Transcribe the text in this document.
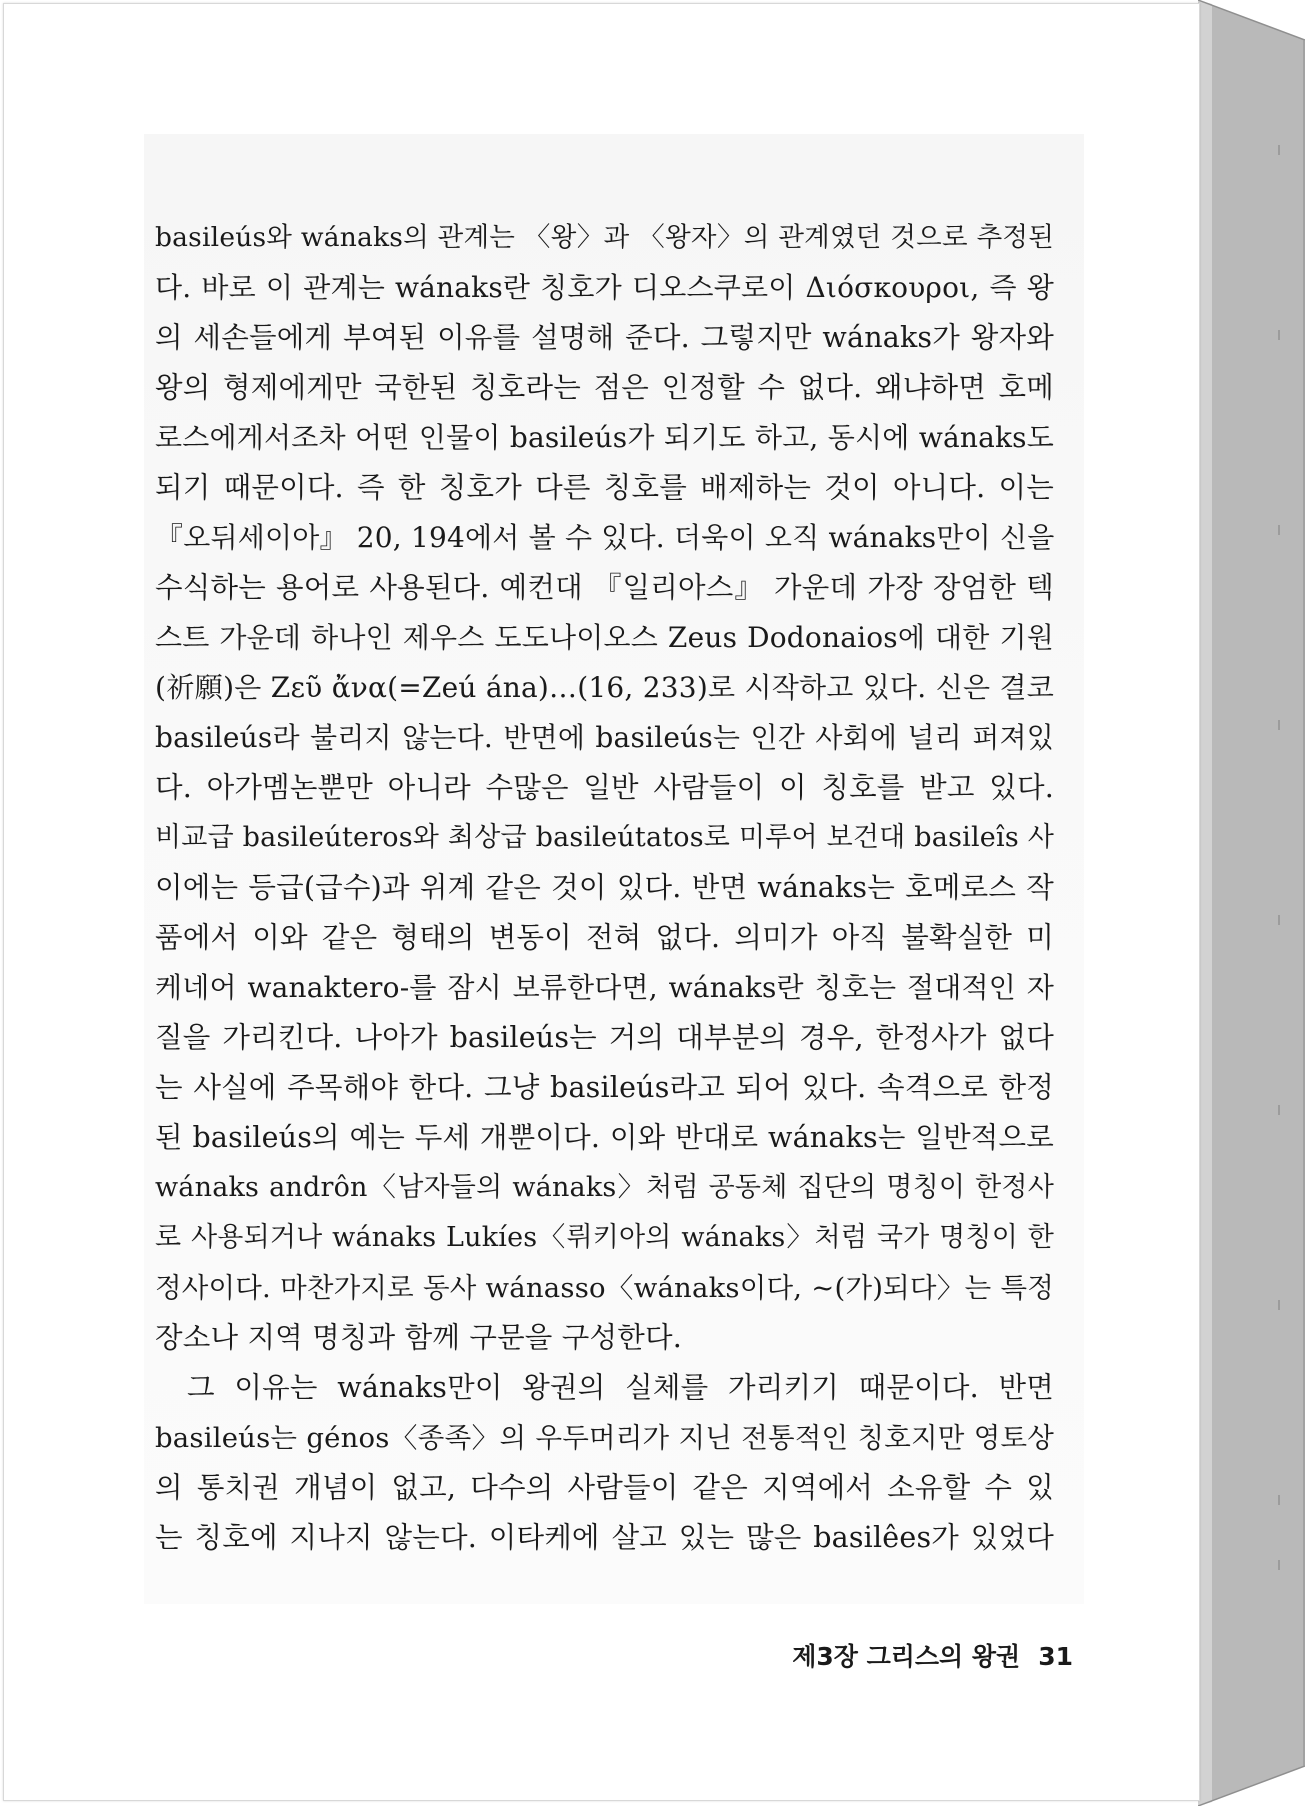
basileús와 wánaks의 관계는 〈왕〉과 〈왕자〉의 관계였던 것으로 추정된
다. 바로 이 관계는 wánaks란 칭호가 디오스쿠로이 Διόσκουροι, 즉 왕
의 세손들에게 부여된 이유를 설명해 준다. 그렇지만 wánaks가 왕자와
왕의 형제에게만 국한된 칭호라는 점은 인정할 수 없다. 왜냐하면 호메
로스에게서조차 어떤 인물이 basileús가 되기도 하고, 동시에 wánaks도
되기 때문이다. 즉 한 칭호가 다른 칭호를 배제하는 것이 아니다. 이는
『오뒤세이아』 20, 194에서 볼 수 있다. 더욱이 오직 wánaks만이 신을
수식하는 용어로 사용된다. 예컨대 『일리아스』 가운데 가장 장엄한 텍
스트 가운데 하나인 제우스 도도나이오스 Zeus Dodonaios에 대한 기원
(祈願)은 Ζεῦ ἄνα(=Zeú ána)…(16, 233)로 시작하고 있다. 신은 결코
basileús라 불리지 않는다. 반면에 basileús는 인간 사회에 널리 퍼져있
다. 아가멤논뿐만 아니라 수많은 일반 사람들이 이 칭호를 받고 있다.
비교급 basileúteros와 최상급 basileútatos로 미루어 보건대 basileîs 사
이에는 등급(급수)과 위계 같은 것이 있다. 반면 wánaks는 호메로스 작
품에서 이와 같은 형태의 변동이 전혀 없다. 의미가 아직 불확실한 미
케네어 wanaktero-를 잠시 보류한다면, wánaks란 칭호는 절대적인 자
질을 가리킨다. 나아가 basileús는 거의 대부분의 경우, 한정사가 없다
는 사실에 주목해야 한다. 그냥 basileús라고 되어 있다. 속격으로 한정
된 basileús의 예는 두세 개뿐이다. 이와 반대로 wánaks는 일반적으로
wánaks andrôn〈남자들의 wánaks〉처럼 공동체 집단의 명칭이 한정사
로 사용되거나 wánaks Lukíes〈뤼키아의 wánaks〉처럼 국가 명칭이 한
정사이다. 마찬가지로 동사 wánasso〈wánaks이다, ~(가)되다〉는 특정
장소나 지역 명칭과 함께 구문을 구성한다.
그 이유는 wánaks만이 왕권의 실체를 가리키기 때문이다. 반면
basileús는 génos〈종족〉의 우두머리가 지닌 전통적인 칭호지만 영토상
의 통치권 개념이 없고, 다수의 사람들이 같은 지역에서 소유할 수 있
는 칭호에 지나지 않는다. 이타케에 살고 있는 많은 basilêes가 있었다
제3장 그리스의 왕권 31
